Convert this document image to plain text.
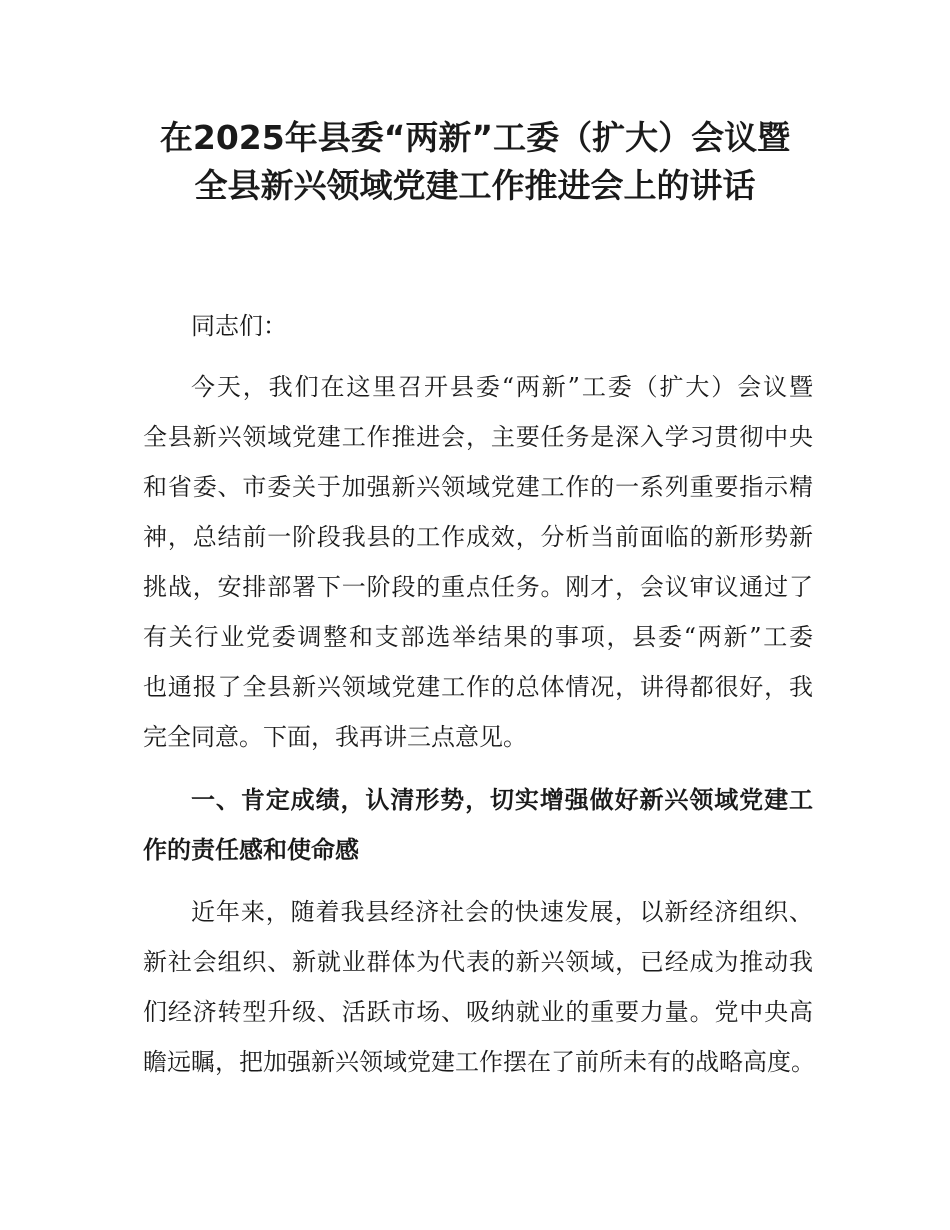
在2025年县委“两新”工委（扩大）会议暨
全县新兴领域党建工作推进会上的讲话

同志们：

今天，我们在这里召开县委“两新”工委（扩大）会议暨

全县新兴领域党建工作推进会，主要任务是深入学习贯彻中央

和省委、市委关于加强新兴领域党建工作的一系列重要指示精

神，总结前一阶段我县的工作成效，分析当前面临的新形势新

挑战，安排部署下一阶段的重点任务。刚才，会议审议通过了

有关行业党委调整和支部选举结果的事项，县委“两新”工委

也通报了全县新兴领域党建工作的总体情况，讲得都很好，我

完全同意。下面，我再讲三点意见。

一、肯定成绩，认清形势，切实增强做好新兴领域党建工

作的责任感和使命感

近年来，随着我县经济社会的快速发展，以新经济组织、

新社会组织、新就业群体为代表的新兴领域，已经成为推动我

们经济转型升级、活跃市场、吸纳就业的重要力量。党中央高

瞻远瞩，把加强新兴领域党建工作摆在了前所未有的战略高度。
